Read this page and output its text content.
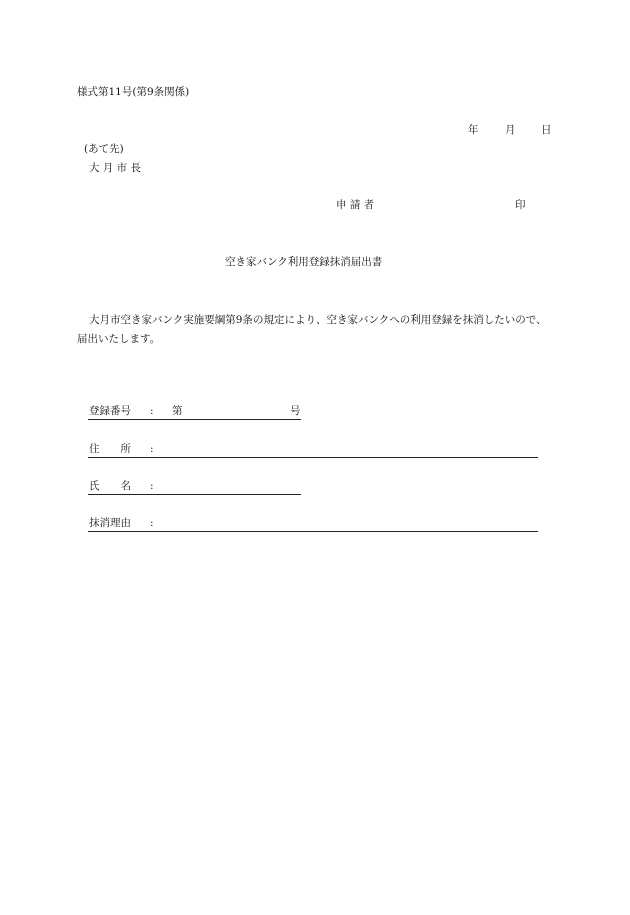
様式第11号(第9条関係)
年	月 日
(あて先)
大 月 市 長
申 請 者	印
空き家バンク利用登録抹消届出書
大月市空き家バンク実施要綱第9条の規定により、空き家バンクへの利用登録を抹消したいので、届出いたします。
登録番号 : 第	号
住　　所 :
氏　　名 :
抹消理由 :
